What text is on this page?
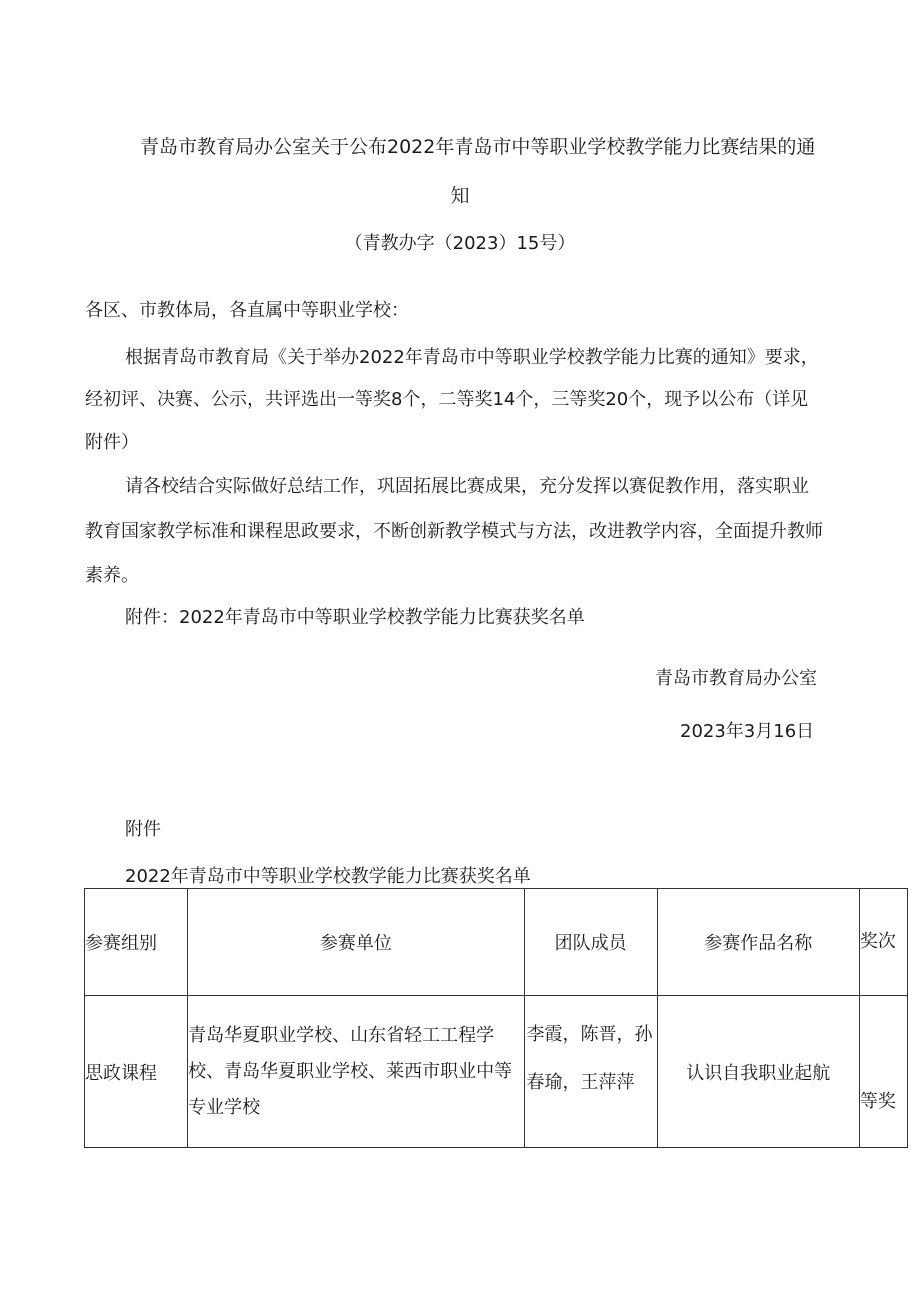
青岛市教育局办公室关于公布2022年青岛市中等职业学校教学能力比赛结果的通
知
（青教办字（2023）15号）
各区、市教体局，各直属中等职业学校：
根据青岛市教育局《关于举办2022年青岛市中等职业学校教学能力比赛的通知》要求，
经初评、决赛、公示，共评选出一等奖8个，二等奖14个，三等奖20个，现予以公布（详见
附件）
请各校结合实际做好总结工作，巩固拓展比赛成果，充分发挥以赛促教作用，落实职业
教育国家教学标准和课程思政要求，不断创新教学模式与方法，改进教学内容，全面提升教师
素养。
附件：2022年青岛市中等职业学校教学能力比赛获奖名单
青岛市教育局办公室
2023年3月16日
附件
2022年青岛市中等职业学校教学能力比赛获奖名单
参赛组别	参赛单位	团队成员	参赛作品名称	奖次
思政课程	青岛华夏职业学校、山东省轻工工程学校、青岛华夏职业学校、莱西市职业中等专业学校	李霞，陈晋，孙春瑜，王萍萍	认识自我职业起航	等奖
